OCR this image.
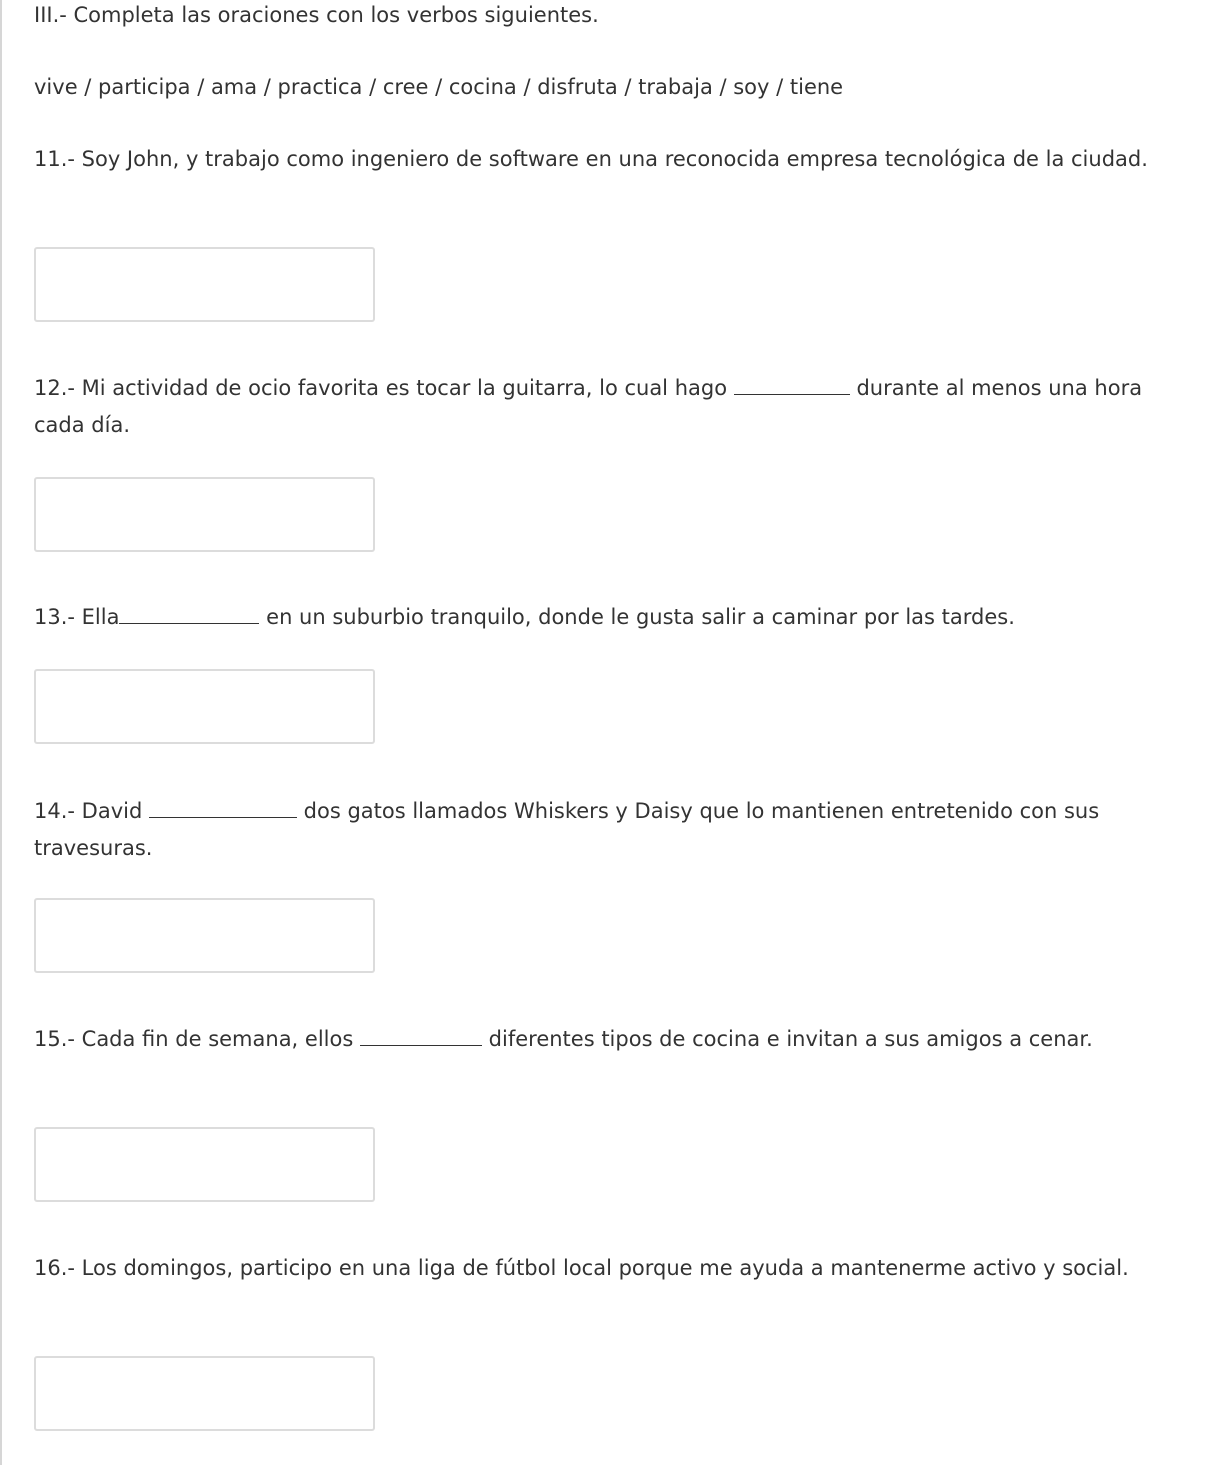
III.- Completa las oraciones con los verbos siguientes.
vive / participa / ama / practica / cree / cocina / disfruta / trabaja / soy / tiene

11.- Soy John, y trabajo como ingeniero de software en una reconocida empresa tecnológica de la ciudad.

12.- Mi actividad de ocio favorita es tocar la guitarra, lo cual hago	durante al menos una hora cada día.

13.- Ella	en un suburbio tranquilo, donde le gusta salir a caminar por las tardes.

14.- David	dos gatos llamados Whiskers y Daisy que lo mantienen entretenido con sus travesuras.

15.- Cada fin de semana, ellos	diferentes tipos de cocina e invitan a sus amigos a cenar.

16.- Los domingos, participo en una liga de fútbol local porque me ayuda a mantenerme activo y social.
